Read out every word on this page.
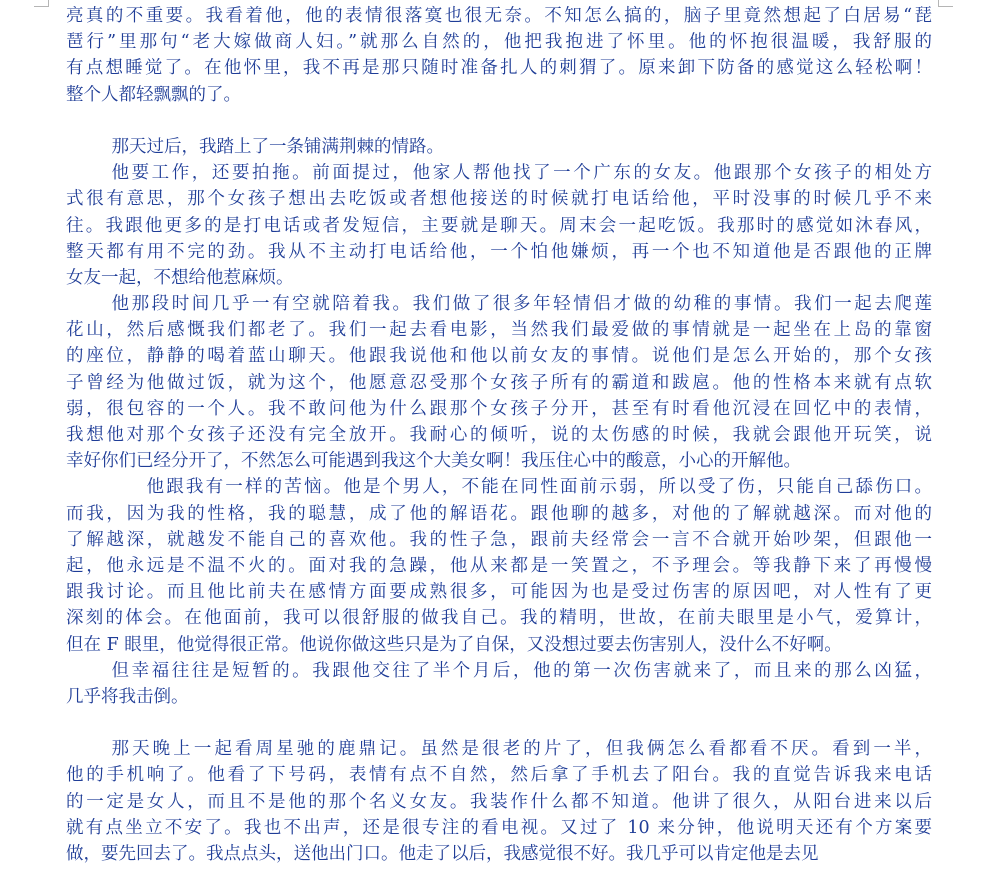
亮真的不重要。我看着他，他的表情很落寞也很无奈。不知怎么搞的，脑子里竟然想起了白居易“琵
琶行”里那句“老大嫁做商人妇。”就那么自然的，他把我抱进了怀里。他的怀抱很温暖，我舒服的
有点想睡觉了。在他怀里，我不再是那只随时准备扎人的刺猬了。原来卸下防备的感觉这么轻松啊！
整个人都轻飘飘的了。
那天过后，我踏上了一条铺满荆棘的情路。
他要工作，还要拍拖。前面提过，他家人帮他找了一个广东的女友。他跟那个女孩子的相处方
式很有意思，那个女孩子想出去吃饭或者想他接送的时候就打电话给他，平时没事的时候几乎不来
往。我跟他更多的是打电话或者发短信，主要就是聊天。周末会一起吃饭。我那时的感觉如沐春风，
整天都有用不完的劲。我从不主动打电话给他，一个怕他嫌烦，再一个也不知道他是否跟他的正牌
女友一起，不想给他惹麻烦。
他那段时间几乎一有空就陪着我。我们做了很多年轻情侣才做的幼稚的事情。我们一起去爬莲
花山，然后感慨我们都老了。我们一起去看电影，当然我们最爱做的事情就是一起坐在上岛的靠窗
的座位，静静的喝着蓝山聊天。他跟我说他和他以前女友的事情。说他们是怎么开始的，那个女孩
子曾经为他做过饭，就为这个，他愿意忍受那个女孩子所有的霸道和跋扈。他的性格本来就有点软
弱，很包容的一个人。我不敢问他为什么跟那个女孩子分开，甚至有时看他沉浸在回忆中的表情，
我想他对那个女孩子还没有完全放开。我耐心的倾听，说的太伤感的时候，我就会跟他开玩笑，说
幸好你们已经分开了，不然怎么可能遇到我这个大美女啊！我压住心中的酸意，小心的开解他。
他跟我有一样的苦恼。他是个男人，不能在同性面前示弱，所以受了伤，只能自己舔伤口。
而我，因为我的性格，我的聪慧，成了他的解语花。跟他聊的越多，对他的了解就越深。而对他的
了解越深，就越发不能自己的喜欢他。我的性子急，跟前夫经常会一言不合就开始吵架，但跟他一
起，他永远是不温不火的。面对我的急躁，他从来都是一笑置之，不予理会。等我静下来了再慢慢
跟我讨论。而且他比前夫在感情方面要成熟很多，可能因为也是受过伤害的原因吧，对人性有了更
深刻的体会。在他面前，我可以很舒服的做我自己。我的精明，世故，在前夫眼里是小气，爱算计，
但在 F 眼里，他觉得很正常。他说你做这些只是为了自保，又没想过要去伤害别人，没什么不好啊。
但幸福往往是短暂的。我跟他交往了半个月后，他的第一次伤害就来了，而且来的那么凶猛，
几乎将我击倒。
那天晚上一起看周星驰的鹿鼎记。虽然是很老的片了，但我俩怎么看都看不厌。看到一半，
他的手机响了。他看了下号码，表情有点不自然，然后拿了手机去了阳台。我的直觉告诉我来电话
的一定是女人，而且不是他的那个名义女友。我装作什么都不知道。他讲了很久，从阳台进来以后
就有点坐立不安了。我也不出声，还是很专注的看电视。又过了 10 来分钟，他说明天还有个方案要
做，要先回去了。我点点头，送他出门口。他走了以后，我感觉很不好。我几乎可以肯定他是去见
